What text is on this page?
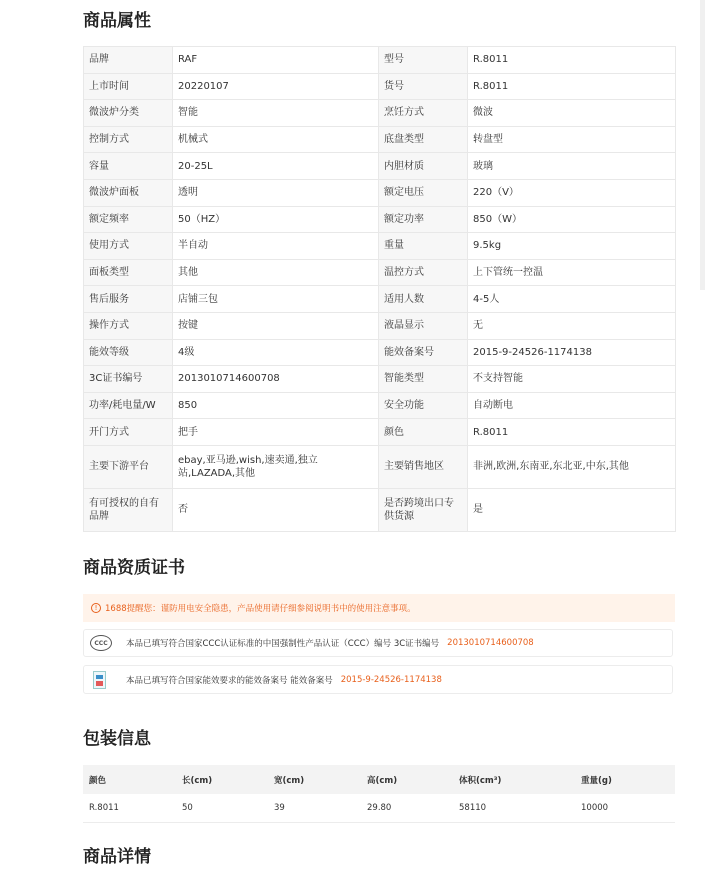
商品属性
品牌	RAF	型号	R.8011
上市时间	20220107	货号	R.8011
微波炉分类	智能	烹饪方式	微波
控制方式	机械式	底盘类型	转盘型
容量	20-25L	内胆材质	玻璃
微波炉面板	透明	额定电压	220（V）
额定频率	50（HZ）	额定功率	850（W）
使用方式	半自动	重量	9.5kg
面板类型	其他	温控方式	上下管统一控温
售后服务	店铺三包	适用人数	4-5人
操作方式	按键	液晶显示	无
能效等级	4级	能效备案号	2015-9-24526-1174138
3C证书编号	2013010714600708	智能类型	不支持智能
功率/耗电量/W	850	安全功能	自动断电
开门方式	把手	颜色	R.8011
主要下游平台	ebay,亚马逊,wish,速卖通,独立站,LAZADA,其他	主要销售地区	非洲,欧洲,东南亚,东北亚,中东,其他
有可授权的自有品牌	否	是否跨境出口专供货源	是
商品资质证书
! 1688提醒您：谨防用电安全隐患，产品使用请仔细参阅说明书中的使用注意事项。
CCC	本品已填写符合国家CCC认证标准的中国强制性产品认证（CCC）编号 3C证书编号 2013010714600708
本品已填写符合国家能效要求的能效备案号 能效备案号 2015-9-24526-1174138
包装信息
颜色	长(cm)	宽(cm)	高(cm)	体积(cm³)	重量(g)
R.8011	50	39	29.80	58110	10000
商品详情
